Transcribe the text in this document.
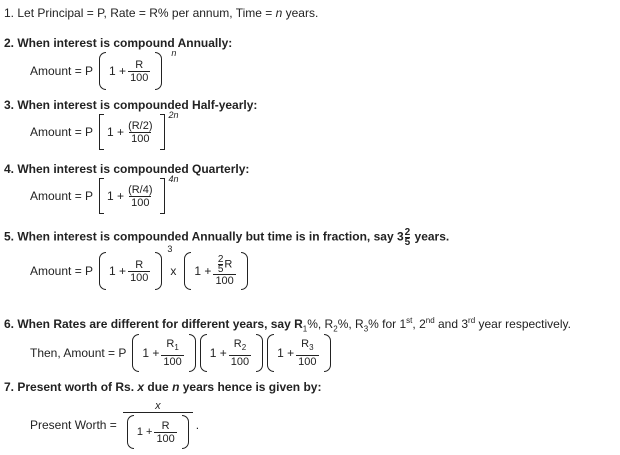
1. Let Principal = P, Rate = R% per annum, Time = n years.
2. When interest is compound Annually:
Amount = P $1 + \frac{R}{100}$
n
3. When interest is compounded Half-yearly:
Amount = P $1 + \frac{(R/2)}{100}$
2n
4. When interest is compounded Quarterly:
Amount = P $1 + \frac{(R/4)}{100}$
4n
5. When interest is compounded Annually but time is in fraction, say $3 \frac{2}{5}$ years.
Amount = P $1 + \frac{R}{100}$
3
x $1 + \frac{\frac{2}{5} R}{100}$
6. When Rates are different for different years, say $R_1\%$, $R_2\%$, $R_3\%$ for 1st, 2nd and 3rd year respectively.
Then, Amount = P $1 + \frac{R_1}{100} 1 + \frac{R_2}{100} 1 + \frac{R_3}{100}$
7. Present worth of Rs. x due n years hence is given by:
Present Worth = $\frac{x}{1 + \frac{R}{100}}$ .
